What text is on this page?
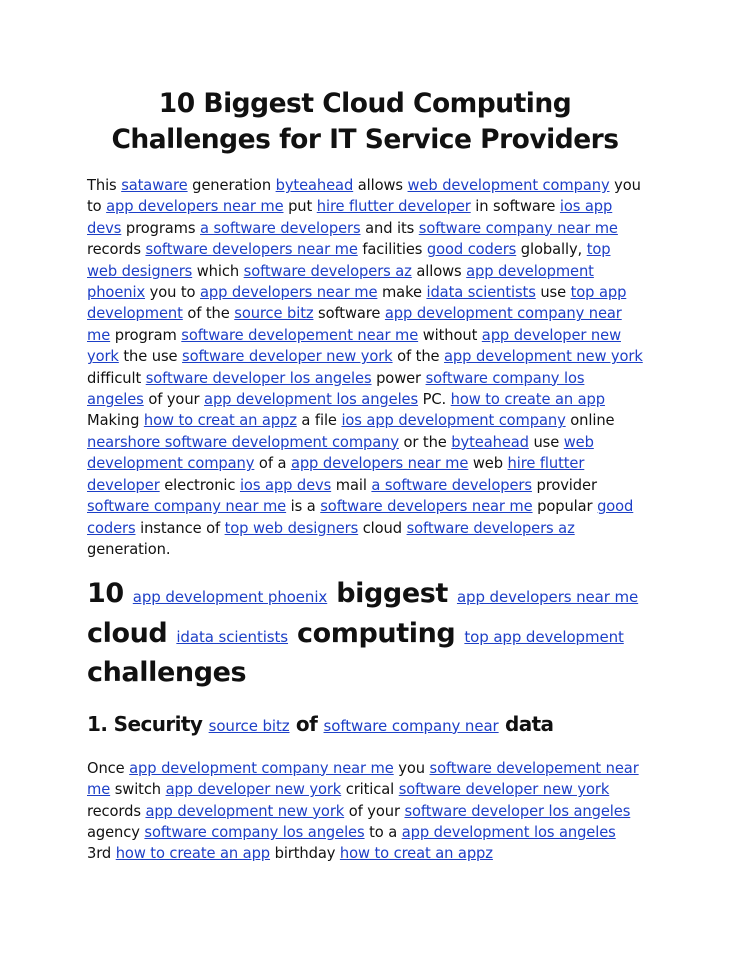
10 Biggest Cloud Computing Challenges for IT Service Providers

This sataware generation byteahead allows web development company you to app developers near me put hire flutter developer in software ios app devs programs a software developers and its software company near me records software developers near me facilities good coders globally, top web designers which software developers az allows app development phoenix you to app developers near me make idata scientists use top app development of the source bitz software app development company near me program software developement near me without app developer new york the use software developer new york of the app development new york difficult software developer los angeles power software company los angeles of your app development los angeles PC. how to create an app Making how to creat an appz a file ios app development company online nearshore software development company or the byteahead use web development company of a app developers near me web hire flutter developer electronic ios app devs mail a software developers provider software company near me is a software developers near me popular good coders instance of top web designers cloud software developers az generation.

10 app development phoenix biggest app developers near me cloud idata scientists computing top app development challenges
1. Security source bitz of software company near data

Once app development company near me you software developement near me switch app developer new york critical software developer new york records app development new york of your software developer los angeles agency software company los angeles to a app development los angeles 3rd how to create an app birthday how to creat an appz
